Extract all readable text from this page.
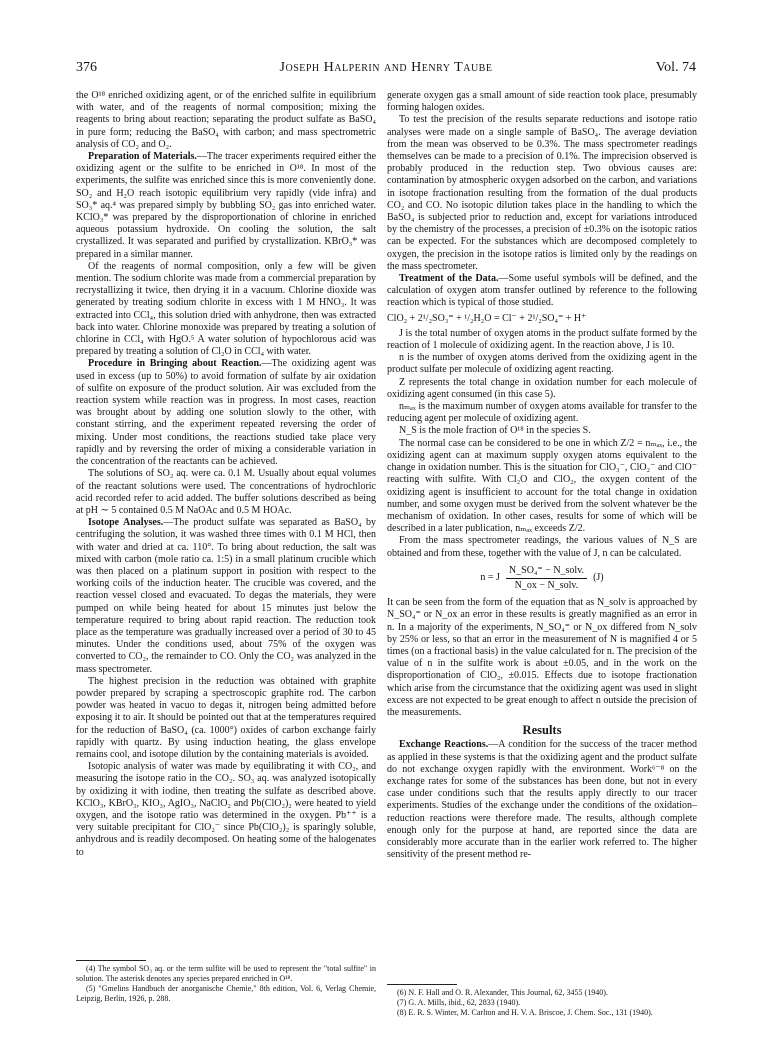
376	Joseph Halperin and Henry Taube	Vol. 74

the O¹⁸ enriched oxidizing agent, or of the enriched sulfite in equilibrium with water, and of the reagents of normal composition; mixing the reagents to bring about reaction; separating the product sulfate as BaSO₄ in pure form; reducing the BaSO₄ with carbon; and mass spectrometric analysis of CO₂ and O₂.

Preparation of Materials.—The tracer experiments required either the oxidizing agent or the sulfite to be enriched in O¹⁸. In most of the experiments, the sulfite was enriched since this is more conveniently done. SO₂ and H₂O reach isotopic equilibrium very rapidly (vide infra) and SO₃* aq.⁴ was prepared simply by bubbling SO₂ gas into enriched water. KClO₃* was prepared by the disproportionation of chlorine in enriched aqueous potassium hydroxide. On cooling the solution, the salt crystallized. It was separated and purified by crystallization. KBrO₃* was prepared in a similar manner.

Of the reagents of normal composition, only a few will be given mention. The sodium chlorite was made from a commercial preparation by recrystallizing it twice, then drying it in a vacuum. Chlorine dioxide was generated by treating sodium chlorite in excess with 1 M HNO₃. It was extracted into CCl₄, this solution dried with anhydrone, then was extracted back into water. Chlorine monoxide was prepared by treating a solution of chlorine in CCl₄ with HgO.⁵ A water solution of hypochlorous acid was prepared by treating a solution of Cl₂O in CCl₄ with water.

Procedure in Bringing about Reaction.—The oxidizing agent was used in excess (up to 50%) to avoid formation of sulfate by air oxidation of sulfite on exposure of the product solution. Air was excluded from the reaction system while reaction was in progress. In most cases, reaction was brought about by adding one solution slowly to the other, with constant stirring, and the experiment repeated reversing the order of mixing. Under most conditions, the reactions studied take place very rapidly and by reversing the order of mixing a considerable variation in the concentration of the reactants can be achieved.

The solutions of SO₂ aq. were ca. 0.1 M. Usually about equal volumes of the reactant solutions were used. The concentrations of hydrochloric acid recorded refer to acid added. The buffer solutions described as being at pH ∼ 5 contained 0.5 M NaOAc and 0.5 M HOAc.

Isotope Analyses.—The product sulfate was separated as BaSO₄ by centrifuging the solution, it was washed three times with 0.1 M HCl, then with water and dried at ca. 110°. To bring about reduction, the salt was mixed with carbon (mole ratio ca. 1:5) in a small platinum crucible which was then placed on a platinum support in position with respect to the working coils of the induction heater. The crucible was covered, and the reaction vessel closed and evacuated. To degas the materials, they were pumped on while being heated for about 15 minutes just below the temperature required to bring about rapid reaction. The reduction took place as the temperature was gradually increased over a period of 30 to 45 minutes. Under the conditions used, about 75% of the oxygen was converted to CO₂, the remainder to CO. Only the CO₂ was analyzed in the mass spectrometer.

The highest precision in the reduction was obtained with graphite powder prepared by scraping a spectroscopic graphite rod. The carbon powder was heated in vacuo to degas it, nitrogen being admitted before exposing it to air. It should be pointed out that at the temperatures required for the reduction of BaSO₄ (ca. 1000°) oxides of carbon exchange fairly rapidly with quartz. By using induction heating, the glass envelope remains cool, and isotope dilution by the containing materials is avoided.

Isotopic analysis of water was made by equilibrating it with CO₂, and measuring the isotope ratio in the CO₂. SO₃ aq. was analyzed isotopically by oxidizing it with iodine, then treating the sulfate as described above. KClO₃, KBrO₃, KIO₃, AgIO₃, NaClO₂ and Pb(ClO₂)₂ were heated to yield oxygen, and the isotope ratio was determined in the oxygen. Pb⁺⁺ is a very suitable precipitant for ClO₂⁻ since Pb(ClO₂)₂ is sparingly soluble, anhydrous and is readily decomposed. On heating some of the halogenates to

generate oxygen gas a small amount of side reaction took place, presumably forming halogen oxides.

To test the precision of the results separate reductions and isotope ratio analyses were made on a single sample of BaSO₄. The average deviation from the mean was observed to be 0.3%. The mass spectrometer readings themselves can be made to a precision of 0.1%. The imprecision observed is probably produced in the reduction step. Two obvious causes are: contamination by atmospheric oxygen adsorbed on the carbon, and variations in isotope fractionation resulting from the formation of the dual products CO₂ and CO. No isotopic dilution takes place in the handling to which the BaSO₄ is subjected prior to reduction and, except for variations introduced by the chemistry of the processes, a precision of ±0.3% on the isotopic ratios can be expected. For the substances which are decomposed completely to oxygen, the precision in the isotope ratios is limited only by the readings on the mass spectrometer.

Treatment of the Data.—Some useful symbols will be defined, and the calculation of oxygen atom transfer outlined by reference to the following reaction which is typical of those studied.

ClO₂ + 2¹/₂SO₃⁼ + ¹/₂H₂O = Cl⁻ + 2¹/₂SO₄⁼ + H⁺

J is the total number of oxygen atoms in the product sulfate formed by the reaction of 1 molecule of oxidizing agent. In the reaction above, J is 10.

n is the number of oxygen atoms derived from the oxidizing agent in the product sulfate per molecule of oxidizing agent reacting.

Z represents the total change in oxidation number for each molecule of oxidizing agent consumed (in this case 5).

nₘₐₓ is the maximum number of oxygen atoms available for transfer to the reducing agent per molecule of oxidizing agent.

N_S is the mole fraction of O¹⁸ in the species S.

The normal case can be considered to be one in which Z/2 = nₘₐₓ, i.e., the oxidizing agent can at maximum supply oxygen atoms equivalent to the change in oxidation number. This is the situation for ClO₃⁻, ClO₂⁻ and ClO⁻ reacting with sulfite. With Cl₂O and ClO₂, the oxygen content of the oxidizing agent is insufficient to account for the total change in oxidation number, and some oxygen must be derived from the solvent whatever be the mechanism of oxidation. In other cases, results for some of which will be described in a later publication, nₘₐₓ exceeds Z/2.

From the mass spectrometer readings, the various values of N_S are obtained and from these, together with the value of J, n can be calculated.

n = J $\frac{\text{N\_SO₄⁼ − N\_solv.}}{\text{N\_ox − N\_solv.}} (J)$

It can be seen from the form of the equation that as N_solv is approached by N_SO₄⁼ or N_ox an error in these results is greatly magnified as an error in n. In a majority of the experiments, N_SO₄⁼ or N_ox differed from N_solv by 25% or less, so that an error in the measurement of N is magnified 4 or 5 times (on a fractional basis) in the value calculated for n. The precision of the value of n in the sulfite work is about ±0.05, and in the work on the disproportionation of ClO₂, ±0.015. Effects due to isotope fractionation which arise from the circumstance that the oxidizing agent was used in slight excess are not expected to be great enough to affect n outside the precision of the measurements.

Results

Exchange Reactions.—A condition for the success of the tracer method as applied in these systems is that the oxidizing agent and the product sulfate do not exchange oxygen rapidly with the environment. Work⁶⁻⁸ on the exchange rates for some of the substances has been done, but not in every case under conditions such that the results apply directly to our tracer experiments. Studies of the exchange under the conditions of the oxidation–reduction reactions were therefore made. The results, although complete enough only for the purpose at hand, are reported since the data are considerably more accurate than in the earlier work referred to. The higher sensitivity of the present method re-

(4) The symbol SO₃ aq. or the term sulfite will be used to represent the "total sulfite" in solution. The asterisk denotes any species prepared enriched in O¹⁸.

(5) "Gmelins Handbuch der anorganische Chemie," 8th edition, Vol. 6, Verlag Chemie, Leipzig, Berlin, 1926, p. 288.

(6) N. F. Hall and O. R. Alexander, This Journal, 62, 3455 (1940).

(7) G. A. Mills, ibid., 62, 2833 (1940).

(8) E. R. S. Winter, M. Carlton and H. V. A. Briscoe, J. Chem. Soc., 131 (1940).
